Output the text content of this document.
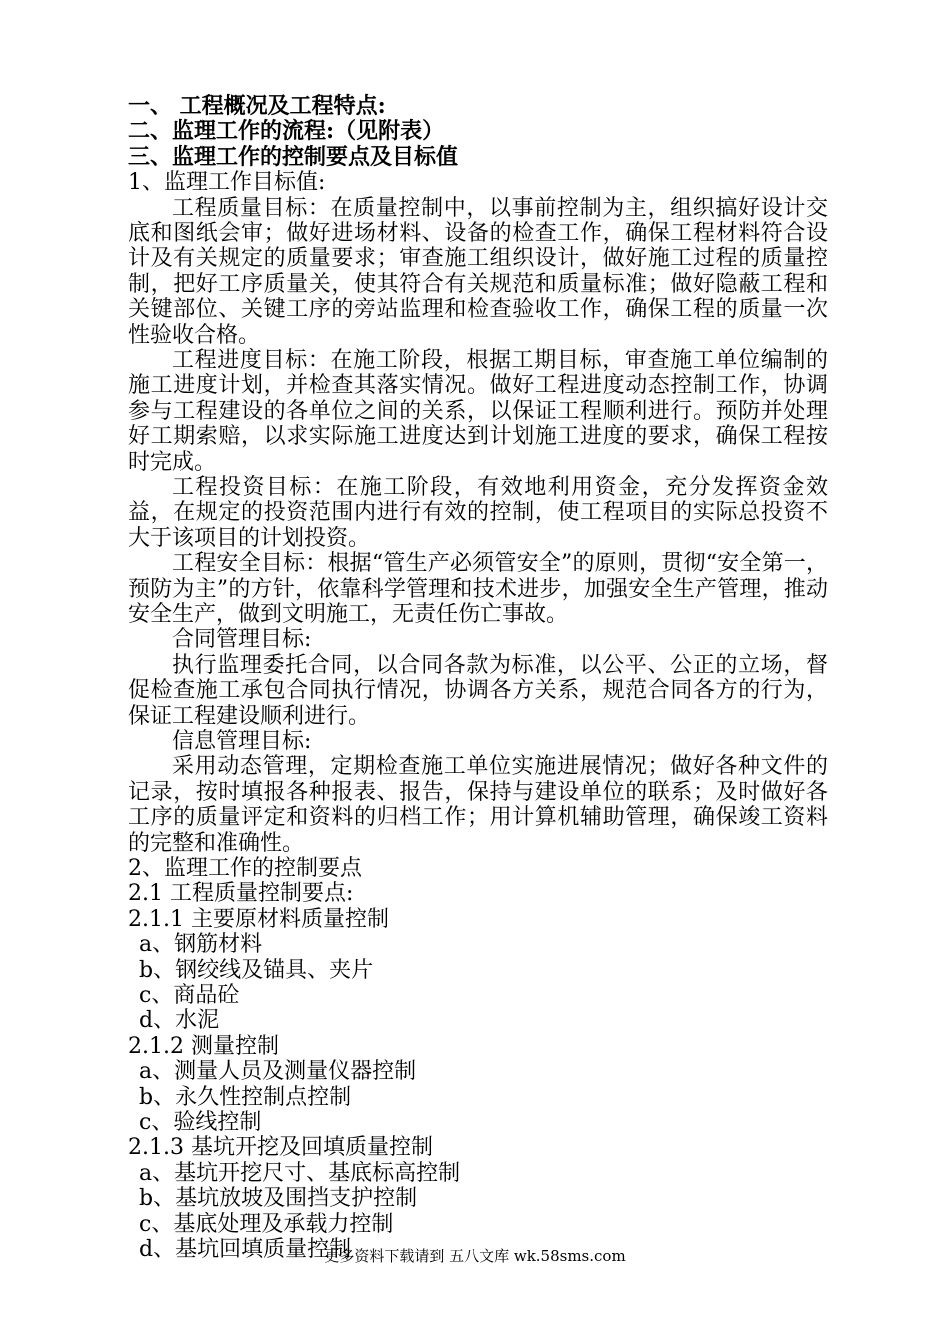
一、 工程概况及工程特点:
二、监理工作的流程:（见附表）
三、监理工作的控制要点及目标值
1、监理工作目标值:

工程质量目标：在质量控制中，以事前控制为主，组织搞好设计交底和图纸会审；做好进场材料、设备的检查工作，确保工程材料符合设计及有关规定的质量要求；审查施工组织设计，做好施工过程的质量控制，把好工序质量关，使其符合有关规范和质量标准；做好隐蔽工程和关键部位、关键工序的旁站监理和检查验收工作，确保工程的质量一次性验收合格。

工程进度目标：在施工阶段，根据工期目标，审查施工单位编制的施工进度计划，并检查其落实情况。做好工程进度动态控制工作，协调参与工程建设的各单位之间的关系，以保证工程顺利进行。预防并处理好工期索赔，以求实际施工进度达到计划施工进度的要求，确保工程按时完成。

工程投资目标：在施工阶段，有效地利用资金，充分发挥资金效益，在规定的投资范围内进行有效的控制，使工程项目的实际总投资不大于该项目的计划投资。

工程安全目标：根据“管生产必须管安全”的原则，贯彻“安全第一，预防为主”的方针，依靠科学管理和技术进步，加强安全生产管理，推动安全生产，做到文明施工，无责任伤亡事故。

合同管理目标:

执行监理委托合同，以合同各款为标准，以公平、公正的立场，督促检查施工承包合同执行情况，协调各方关系，规范合同各方的行为，保证工程建设顺利进行。

信息管理目标:

采用动态管理，定期检查施工单位实施进展情况；做好各种文件的记录，按时填报各种报表、报告，保持与建设单位的联系；及时做好各工序的质量评定和资料的归档工作；用计算机辅助管理，确保竣工资料的完整和准确性。

2、监理工作的控制要点
2.1 工程质量控制要点:
2.1.1 主要原材料质量控制
a、钢筋材料
b、钢绞线及锚具、夹片
c、商品砼
d、水泥
2.1.2 测量控制
a、测量人员及测量仪器控制
b、永久性控制点控制
c、验线控制
2.1.3 基坑开挖及回填质量控制
a、基坑开挖尺寸、基底标高控制
b、基坑放坡及围挡支护控制
c、基底处理及承载力控制
d、基坑回填质量控制
更多资料下载请到 五八文库 wk.58sms.com
